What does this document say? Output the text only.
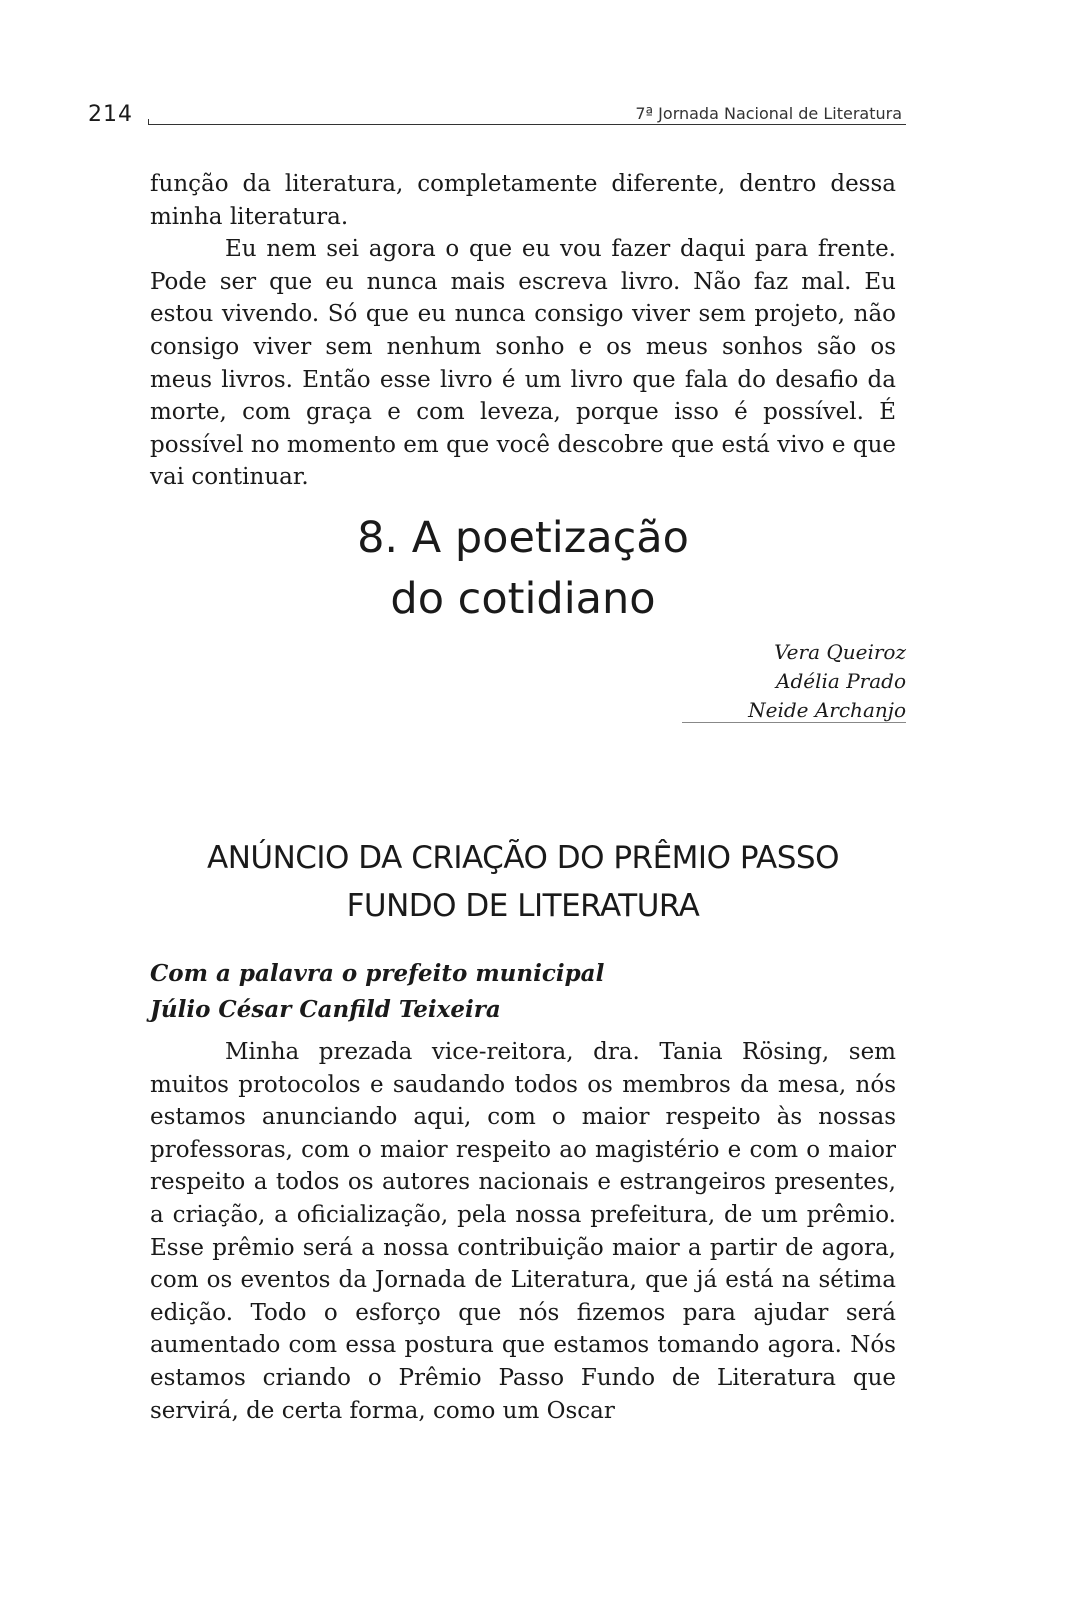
214	7ª Jornada Nacional de Literatura

função da literatura, completamente diferente, dentro dessa minha literatura.

Eu nem sei agora o que eu vou fazer daqui para frente. Pode ser que eu nunca mais escreva livro. Não faz mal. Eu estou vivendo. Só que eu nunca consigo viver sem projeto, não consigo viver sem nenhum sonho e os meus sonhos são os meus livros. Então esse livro é um livro que fala do desafio da morte, com graça e com leveza, porque isso é possível. É possível no momento em que você descobre que está vivo e que vai continuar.

8. A poetização
do cotidiano
Vera Queiroz
Adélia Prado
Neide Archanjo
ANÚNCIO DA CRIAÇÃO DO PRÊMIO PASSO
FUNDO DE LITERATURA
Com a palavra o prefeito municipal
Júlio César Canfild Teixeira

Minha prezada vice-reitora, dra. Tania Rösing, sem muitos protocolos e saudando todos os membros da mesa, nós estamos anunciando aqui, com o maior respeito às nossas professoras, com o maior respeito ao magistério e com o maior respeito a todos os autores nacionais e estrangeiros presentes, a criação, a oficialização, pela nossa prefeitura, de um prêmio. Esse prêmio será a nossa contribuição maior a partir de agora, com os eventos da Jornada de Literatura, que já está na sétima edição. Todo o esforço que nós fizemos para ajudar será aumentado com essa postura que estamos tomando agora. Nós estamos criando o Prêmio Passo Fundo de Literatura que servirá, de certa forma, como um Oscar
